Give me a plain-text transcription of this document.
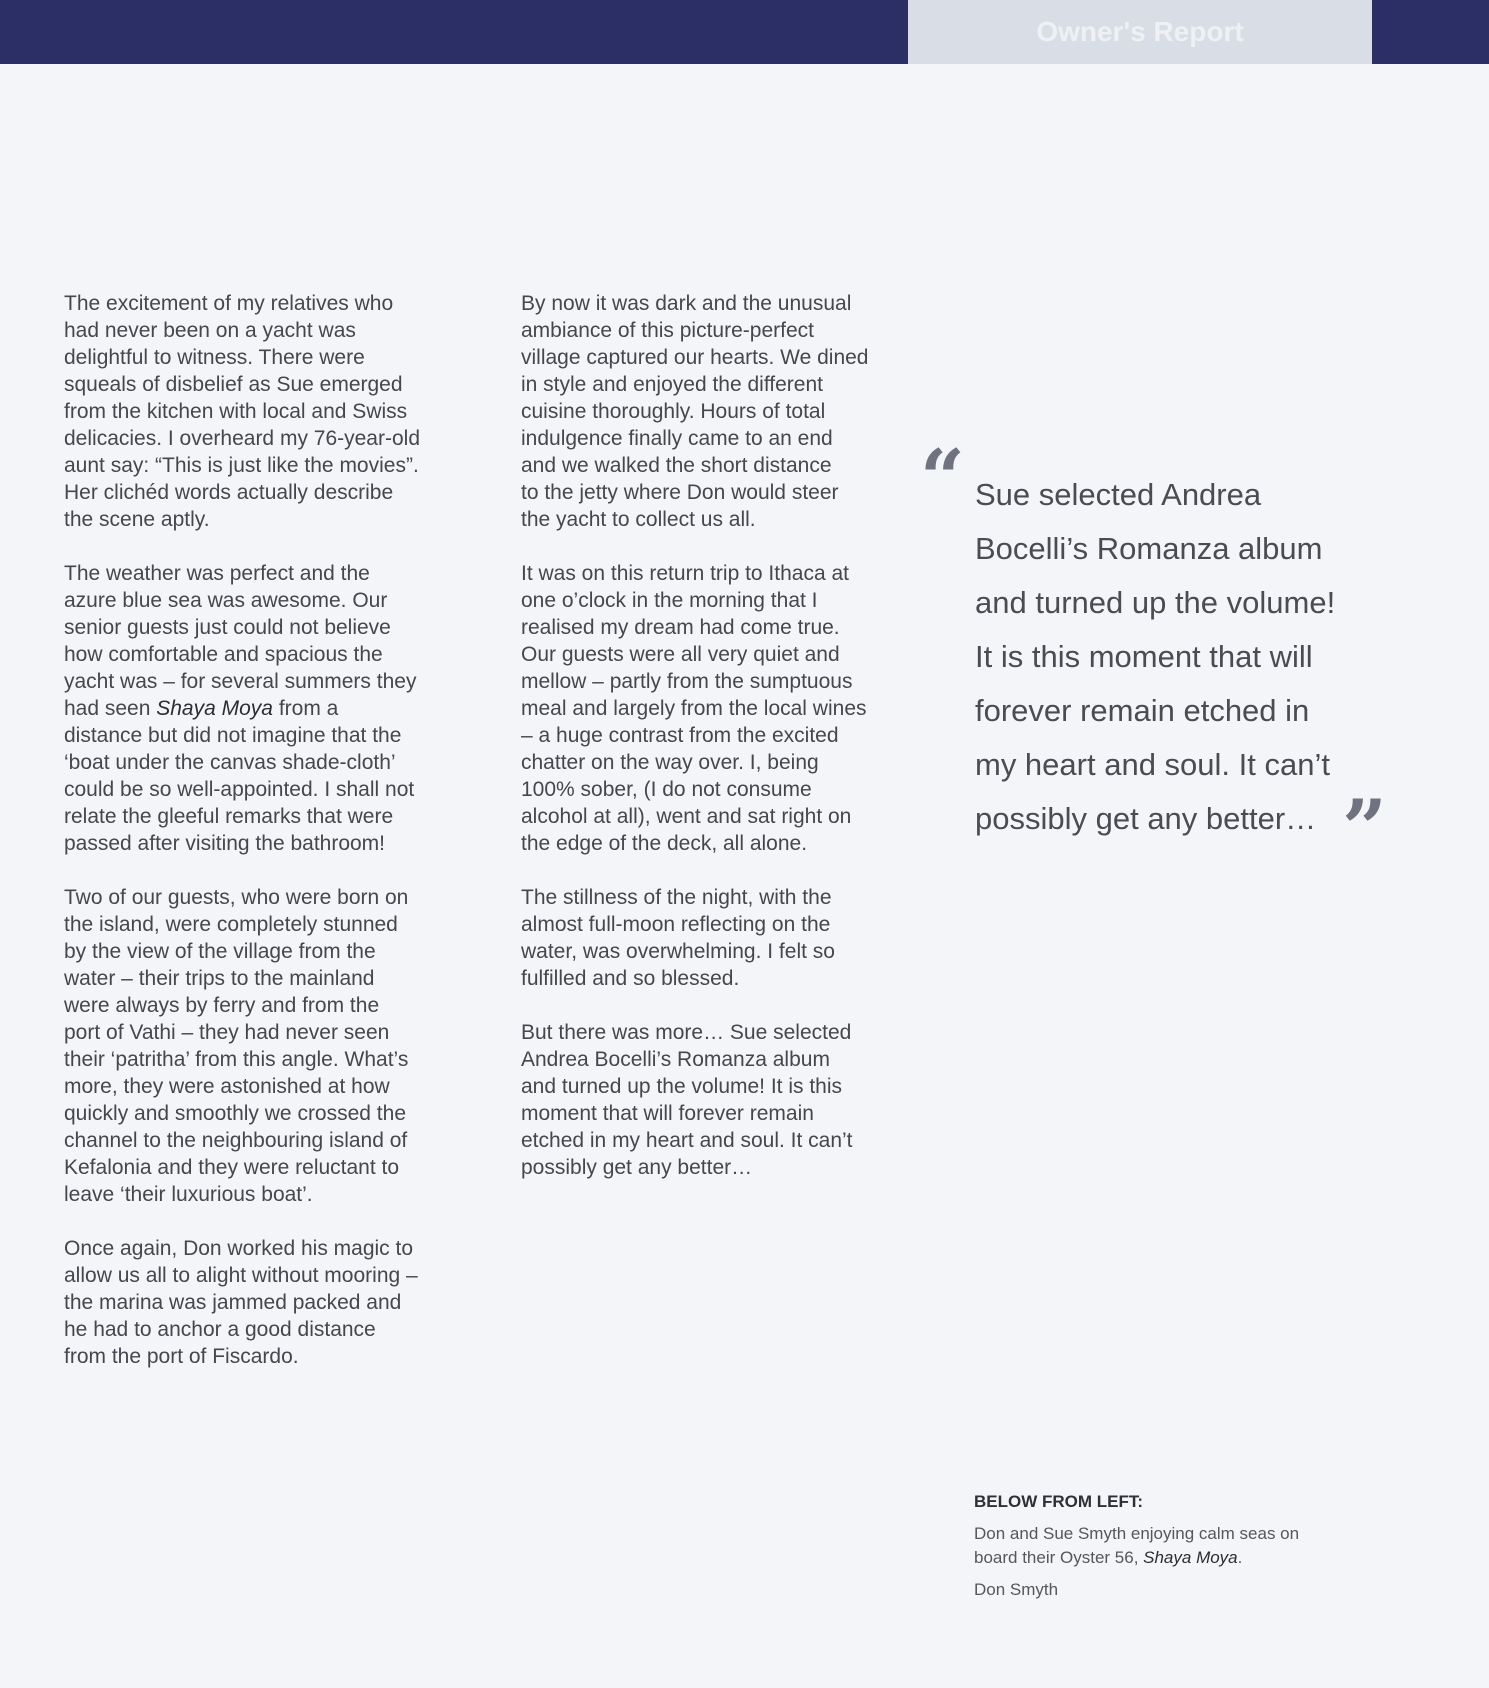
Owner's Report

The excitement of my relatives who
had never been on a yacht was
delightful to witness. There were
squeals of disbelief as Sue emerged
from the kitchen with local and Swiss
delicacies. I overheard my 76-year-old
aunt say: “This is just like the movies”.
Her clichéd words actually describe
the scene aptly.

The weather was perfect and the
azure blue sea was awesome. Our
senior guests just could not believe
how comfortable and spacious the
yacht was – for several summers they
had seen Shaya Moya from a
distance but did not imagine that the
‘boat under the canvas shade-cloth’
could be so well-appointed. I shall not
relate the gleeful remarks that were
passed after visiting the bathroom!

Two of our guests, who were born on
the island, were completely stunned
by the view of the village from the
water – their trips to the mainland
were always by ferry and from the
port of Vathi – they had never seen
their ‘patritha’ from this angle. What’s
more, they were astonished at how
quickly and smoothly we crossed the
channel to the neighbouring island of
Kefalonia and they were reluctant to
leave ‘their luxurious boat’.

Once again, Don worked his magic to
allow us all to alight without mooring –
the marina was jammed packed and
he had to anchor a good distance
from the port of Fiscardo.

By now it was dark and the unusual
ambiance of this picture-perfect
village captured our hearts. We dined
in style and enjoyed the different
cuisine thoroughly. Hours of total
indulgence finally came to an end
and we walked the short distance
to the jetty where Don would steer
the yacht to collect us all.

It was on this return trip to Ithaca at
one o’clock in the morning that I
realised my dream had come true.
Our guests were all very quiet and
mellow – partly from the sumptuous
meal and largely from the local wines
– a huge contrast from the excited
chatter on the way over. I, being
100% sober, (I do not consume
alcohol at all), went and sat right on
the edge of the deck, all alone.

The stillness of the night, with the
almost full-moon reflecting on the
water, was overwhelming. I felt so
fulfilled and so blessed.

But there was more… Sue selected
Andrea Bocelli’s Romanza album
and turned up the volume! It is this
moment that will forever remain
etched in my heart and soul. It can’t
possibly get any better…

“ Sue selected Andrea
Bocelli’s Romanza album
and turned up the volume!
It is this moment that will
forever remain etched in
my heart and soul. It can’t
possibly get any better… ”
BELOW FROM LEFT:
Don and Sue Smyth enjoying calm seas on
board their Oyster 56, Shaya Moya.
Don Smyth
